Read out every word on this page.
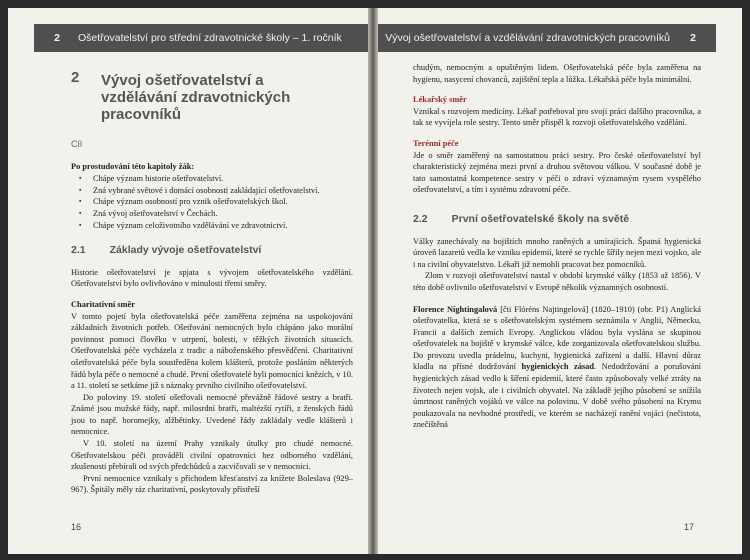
2	Ošetřovatelství pro střední zdravotnické školy – 1. ročník
2 Vývoj ošetřovatelství a vzdělávání zdravotnických pracovníků
Cíl
Po prostudování této kapitoly žák:
▪ Chápe význam historie ošetřovatelství.
▪ Zná vybrané světové i domácí osobnosti zakládající ošetřovatelství.
▪ Chápe význam osobností pro vznik ošetřovatelských škol.
▪ Zná vývoj ošetřovatelství v Čechách.
▪ Chápe význam celoživotního vzdělávání ve zdravotnictví.
2.1 Základy vývoje ošetřovatelství

Historie ošetřovatelství je spjata s vývojem ošetřovatelského vzdělání. Ošetřovatelství bylo ovlivňováno v minulosti třemi směry.

Charitativní směr

V tomto pojetí byla ošetřovatelská péče zaměřena zejména na uspokojování základních životních potřeb. Ošetřování nemocných bylo chápáno jako morální povinnost pomoci člověku v utrpení, bolesti, v těžkých životních situacích. Ošetřovatelská péče vycházela z tradic a náboženského přesvědčení. Charitativní ošetřovatelská péče byla soustředěna kolem klášterů, protože posláním některých řádů byla péče o nemocné a chudé. První ošetřovatelé byli pomocníci knězích, v 10. a 11. století se setkáme již s náznaky prvního civilního ošetřovatelství.

Do poloviny 19. století ošetřovali nemocné převážně řádové sestry a bratři. Známé jsou mužské řády, např. milosrdní bratři, maltézští rytíři, z ženských řádů jsou to např. boromejky, alžbětinky. Uvedené řády zakládaly vedle klášterů i nemocnice.

V 10. století na území Prahy vznikaly útulky pro chudé nemocné. Ošetřovatelskou péči prováděli civilní opatrovníci bez odborného vzdělání, zkušenosti přebírali od svých předchůdců a zacvičovali se v nemocnici.

První nemocnice vznikaly s příchodem křesťanství za knížete Boleslava (929–967). Špitály měly ráz charitativní, poskytovaly přístřeší

16
Vývoj ošetřovatelství a vzdělávání zdravotnických pracovníků	2

chudým, nemocným a opuštěným lidem. Ošetřovatelská péče byla zaměřena na hygienu, nasycení chovanců, zajištění tepla a lůžka. Lékařská péče byla minimální.

Lékařský směr

Vznikal s rozvojem medicíny. Lékař potřeboval pro svoji práci dalšího pracovníka, a tak se vyvíjela role sestry. Tento směr přispěl k rozvoji ošetřovatelského vzdělání.

Terénní péče

Jde o směr zaměřený na samostatnou práci sestry. Pro české ošetřovatelství byl charakteristický zejména mezi první a druhou světovou válkou. V současné době je tato samostatná kompetence sestry v péči o zdraví významným rysem vyspělého ošetřovatelství, a tím i systému zdravotní péče.

2.2 První ošetřovatelské školy na světě

Války zanechávaly na bojištích mnoho raněných a umírajících. Špatná hygienická úroveň lazaretů vedla ke vzniku epidemií, které se rychle šířily nejen mezi vojsko, ale i na civilní obyvatelstvo. Lékaři již nemohli pracovat bez pomocníků.

Zlom v rozvoji ošetřovatelství nastal v období krymské války (1853 až 1856). V této době ovlivnilo ošetřovatelství v Evropě několik významných osobností.

Florence Nightingalová [čti Flóréns Najtingelová] (1820–1910) (obr. P1) Anglická ošetřovatelka, která se s ošetřovatelským systémem seznámila v Anglii, Německu, Francii a dalších zemích Evropy. Anglickou vládou byla vyslána se skupinou ošetřovatelek na bojiště v krymské válce, kde zorganizovala ošetřovatelskou službu. Do provozu uvedla prádelnu, kuchyni, hygienická zařízení a další. Hlavní důraz kladla na přísné dodržování hygienických zásad. Nedodržování a porušování hygienických zásad vedlo k šíření epidemií, které často způsobovaly velké ztráty na životech nejen vojsk, ale i civilních obyvatel. Na základě jejího působení se snížila úmrtnost raněných vojáků ve válce na polovinu. V době svého působení na Krymu poukazovala na nevhodné prostředí, ve kterém se nacházejí ranění vojáci (nečistota, znečištěná

17
